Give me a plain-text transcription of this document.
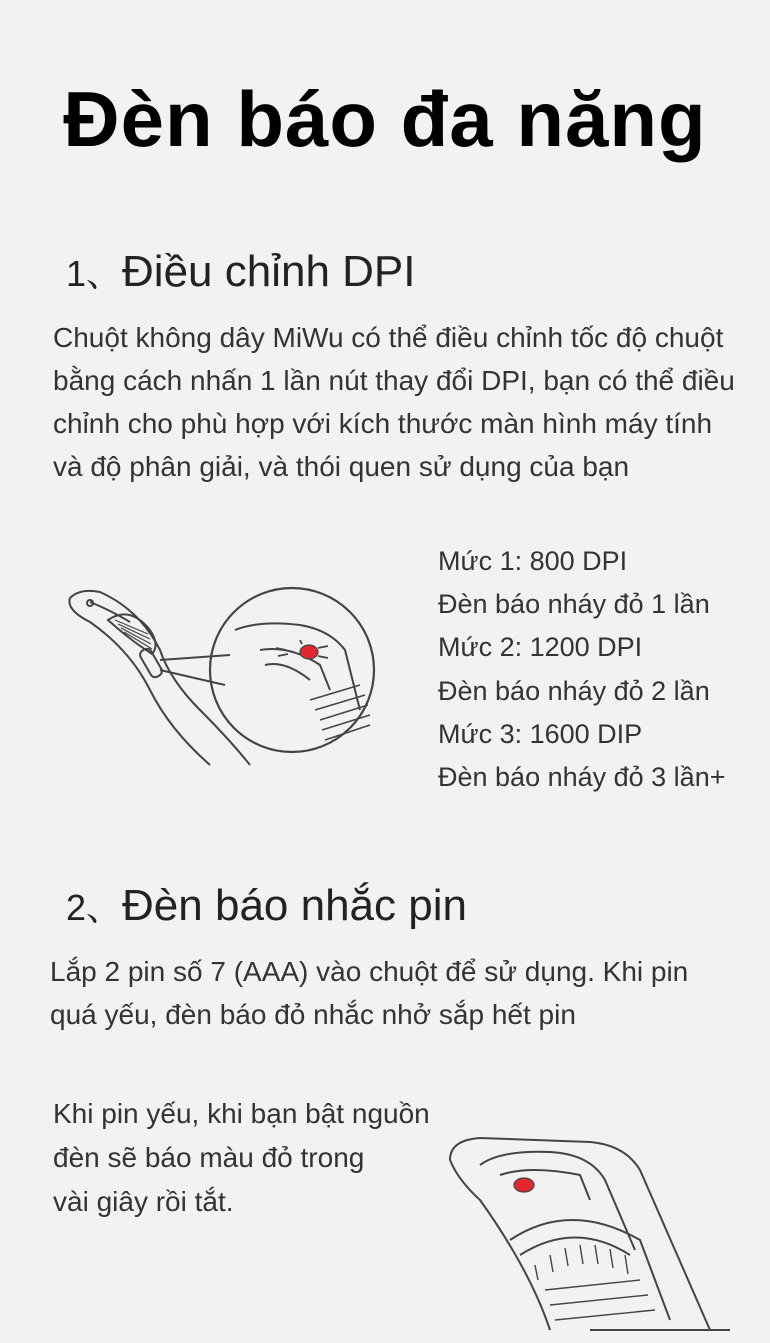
Đèn báo đa năng
1、Điều chỉnh DPI
Chuột không dây MiWu có thể điều chỉnh tốc độ chuột
bằng cách nhấn 1 lần nút thay đổi DPI, bạn có thể điều
chỉnh cho phù hợp với kích thước màn hình máy tính
và độ phân giải, và thói quen sử dụng của bạn
Mức 1: 800 DPI
Đèn báo nháy đỏ 1 lần
Mức 2: 1200 DPI
Đèn báo nháy đỏ 2 lần
Mức 3: 1600 DIP
Đèn báo nháy đỏ 3 lần+
2、Đèn báo nhắc pin
Lắp 2 pin số 7 (AAA) vào chuột để sử dụng. Khi pin
quá yếu, đèn báo đỏ nhắc nhở sắp hết pin
Khi pin yếu, khi bạn bật nguồn
đèn sẽ báo màu đỏ trong
vài giây rồi tắt.
